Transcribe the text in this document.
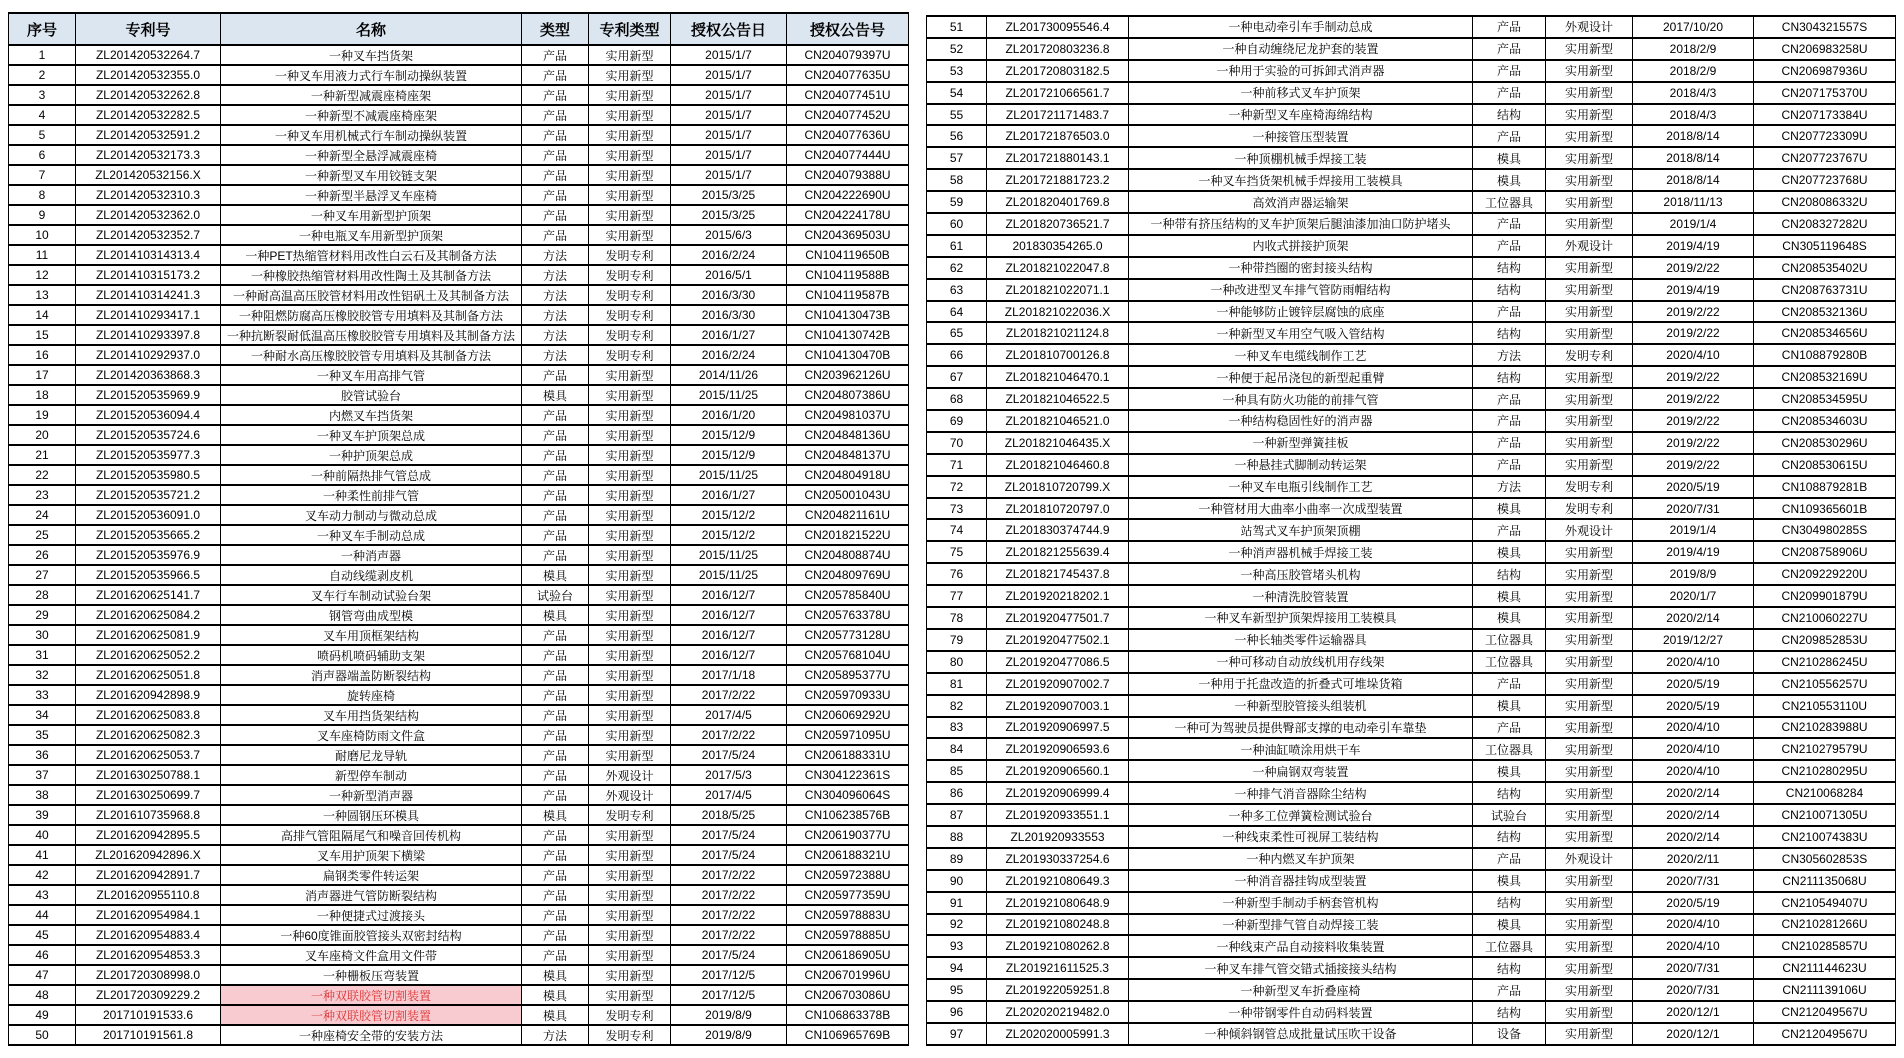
序号	专利号	名称	类型	专利类型	授权公告日	授权公告号
1	ZL201420532264.7	一种叉车挡货架	产品	实用新型	2015/1/7	CN204079397U
2	ZL201420532355.0	一种叉车用液力式行车制动操纵装置	产品	实用新型	2015/1/7	CN204077635U
3	ZL201420532262.8	一种新型减震座椅座架	产品	实用新型	2015/1/7	CN204077451U
4	ZL201420532282.5	一种新型不减震座椅座架	产品	实用新型	2015/1/7	CN204077452U
5	ZL201420532591.2	一种叉车用机械式行车制动操纵装置	产品	实用新型	2015/1/7	CN204077636U
6	ZL201420532173.3	一种新型全悬浮减震座椅	产品	实用新型	2015/1/7	CN204077444U
7	ZL201420532156.X	一种新型叉车用铰链支架	产品	实用新型	2015/1/7	CN204079388U
8	ZL201420532310.3	一种新型半悬浮叉车座椅	产品	实用新型	2015/3/25	CN204222690U
9	ZL201420532362.0	一种叉车用新型护顶架	产品	实用新型	2015/3/25	CN204224178U
10	ZL201420532352.7	一种电瓶叉车用新型护顶架	产品	实用新型	2015/6/3	CN204369503U
11	ZL201410314313.4	一种PET热缩管材料用改性白云石及其制备方法	方法	发明专利	2016/2/24	CN104119650B
12	ZL201410315173.2	一种橡胶热缩管材料用改性陶土及其制备方法	方法	发明专利	2016/5/1	CN104119588B
13	ZL201410314241.3	一种耐高温高压胶管材料用改性铝矾土及其制备方法	方法	发明专利	2016/3/30	CN104119587B
14	ZL201410293417.1	一种阻燃防腐高压橡胶胶管专用填料及其制备方法	方法	发明专利	2016/3/30	CN104130473B
15	ZL201410293397.8	一种抗断裂耐低温高压橡胶胶管专用填料及其制备方法	方法	发明专利	2016/1/27	CN104130742B
16	ZL201410292937.0	一种耐水高压橡胶胶管专用填料及其制备方法	方法	发明专利	2016/2/24	CN104130470B
17	ZL201420363868.3	一种叉车用高排气管	产品	实用新型	2014/11/26	CN203962126U
18	ZL201520535969.9	胶管试验台	模具	实用新型	2015/11/25	CN204807386U
19	ZL201520536094.4	内燃叉车挡货架	产品	实用新型	2016/1/20	CN204981037U
20	ZL201520535724.6	一种叉车护顶架总成	产品	实用新型	2015/12/9	CN204848136U
21	ZL201520535977.3	一种护顶架总成	产品	实用新型	2015/12/9	CN204848137U
22	ZL201520535980.5	一种前隔热排气管总成	产品	实用新型	2015/11/25	CN204804918U
23	ZL201520535721.2	一种柔性前排气管	产品	实用新型	2016/1/27	CN205001043U
24	ZL201520536091.0	叉车动力制动与微动总成	产品	实用新型	2015/12/2	CN204821161U
25	ZL201520535665.2	一种叉车手制动总成	产品	实用新型	2015/12/2	CN201821522U
26	ZL201520535976.9	一种消声器	产品	实用新型	2015/11/25	CN204808874U
27	ZL201520535966.5	自动线缆剥皮机	模具	实用新型	2015/11/25	CN204809769U
28	ZL201620625141.7	叉车行车制动试验台架	试验台	实用新型	2016/12/7	CN205785840U
29	ZL201620625084.2	钢管弯曲成型模	模具	实用新型	2016/12/7	CN205763378U
30	ZL201620625081.9	叉车用顶框架结构	产品	实用新型	2016/12/7	CN205773128U
31	ZL201620625052.2	喷码机喷码辅助支架	产品	实用新型	2016/12/7	CN205768104U
32	ZL201620625051.8	消声器端盖防断裂结构	产品	实用新型	2017/1/18	CN205895377U
33	ZL201620942898.9	旋转座椅	产品	实用新型	2017/2/22	CN205970933U
34	ZL201620625083.8	叉车用挡货架结构	产品	实用新型	2017/4/5	CN206069292U
35	ZL201620625082.3	叉车座椅防雨文件盒	产品	实用新型	2017/2/22	CN205971095U
36	ZL201620625053.7	耐磨尼龙导轨	产品	实用新型	2017/5/24	CN206188331U
37	ZL201630250788.1	新型停车制动	产品	外观设计	2017/5/3	CN304122361S
38	ZL201630250699.7	一种新型消声器	产品	外观设计	2017/4/5	CN304096064S
39	ZL201610735968.8	一种圆钢压环模具	模具	发明专利	2018/5/25	CN106238576B
40	ZL201620942895.5	高排气管阻隔尾气和噪音回传机构	产品	实用新型	2017/5/24	CN206190377U
41	ZL201620942896.X	叉车用护顶架下横梁	产品	实用新型	2017/5/24	CN206188321U
42	ZL201620942891.7	扁钢类零件转运架	产品	实用新型	2017/2/22	CN205972388U
43	ZL201620955110.8	消声器进气管防断裂结构	产品	实用新型	2017/2/22	CN205977359U
44	ZL201620954984.1	一种便捷式过渡接头	产品	实用新型	2017/2/22	CN205978883U
45	ZL201620954883.4	一种60度锥面胶管接头双密封结构	产品	实用新型	2017/2/22	CN205978885U
46	ZL201620954853.3	叉车座椅文件盒用文件带	产品	实用新型	2017/5/24	CN206186905U
47	ZL201720308998.0	一种栅板压弯装置	模具	实用新型	2017/12/5	CN206701996U
48	ZL201720309229.2	一种双联胶管切割装置	模具	实用新型	2017/12/5	CN206703086U
49	201710191533.6	一种双联胶管切割装置	模具	发明专利	2019/8/9	CN106863378B
50	201710191561.8	一种座椅安全带的安装方法	方法	发明专利	2019/8/9	CN106965769B
51	ZL201730095546.4	一种电动牵引车手制动总成	产品	外观设计	2017/10/20	CN304321557S
52	ZL201720803236.8	一种自动缠绕尼龙护套的装置	产品	实用新型	2018/2/9	CN206983258U
53	ZL201720803182.5	一种用于实验的可拆卸式消声器	产品	实用新型	2018/2/9	CN206987936U
54	ZL201721066561.7	一种前移式叉车护顶架	产品	实用新型	2018/4/3	CN207175370U
55	ZL201721171483.7	一种新型叉车座椅海绵结构	结构	实用新型	2018/4/3	CN207173384U
56	ZL201721876503.0	一种接管压型装置	产品	实用新型	2018/8/14	CN207723309U
57	ZL201721880143.1	一种顶棚机械手焊接工装	模具	实用新型	2018/8/14	CN207723767U
58	ZL201721881723.2	一种叉车挡货架机械手焊接用工装模具	模具	实用新型	2018/8/14	CN207723768U
59	ZL201820401769.8	高效消声器运输架	工位器具	实用新型	2018/11/13	CN208086332U
60	ZL201820736521.7	一种带有挤压结构的叉车护顶架后腿油漆加油口防护堵头	产品	实用新型	2019/1/4	CN208327282U
61	201830354265.0	内收式拼接护顶架	产品	外观设计	2019/4/19	CN305119648S
62	ZL201821022047.8	一种带挡圈的密封接头结构	结构	实用新型	2019/2/22	CN208535402U
63	ZL201821022071.1	一种改进型叉车排气管防雨帽结构	结构	实用新型	2019/4/19	CN208763731U
64	ZL201821022036.X	一种能够防止镀锌层腐蚀的底座	产品	实用新型	2019/2/22	CN208532136U
65	ZL201821021124.8	一种新型叉车用空气吸入管结构	结构	实用新型	2019/2/22	CN208534656U
66	ZL201810700126.8	一种叉车电缆线制作工艺	方法	发明专利	2020/4/10	CN108879280B
67	ZL201821046470.1	一种便于起吊浇包的新型起重臂	结构	实用新型	2019/2/22	CN208532169U
68	ZL201821046522.5	一种具有防火功能的前排气管	产品	实用新型	2019/2/22	CN208534595U
69	ZL201821046521.0	一种结构稳固性好的消声器	产品	实用新型	2019/2/22	CN208534603U
70	ZL201821046435.X	一种新型弹簧挂板	产品	实用新型	2019/2/22	CN208530296U
71	ZL201821046460.8	一种悬挂式脚制动转运架	产品	实用新型	2019/2/22	CN208530615U
72	ZL201810720799.X	一种叉车电瓶引线制作工艺	方法	发明专利	2020/5/19	CN108879281B
73	ZL201810720797.0	一种管材用大曲率小曲率一次成型装置	模具	发明专利	2020/7/31	CN109365601B
74	ZL201830374744.9	站驾式叉车护顶架顶棚	产品	外观设计	2019/1/4	CN304980285S
75	ZL201821255639.4	一种消声器机械手焊接工装	模具	实用新型	2019/4/19	CN208758906U
76	ZL201821745437.8	一种高压胶管堵头机构	结构	实用新型	2019/8/9	CN209229220U
77	ZL201920218202.1	一种清洗胶管装置	模具	实用新型	2020/1/7	CN209901879U
78	ZL201920477501.7	一种叉车新型护顶架焊接用工装模具	模具	实用新型	2020/2/14	CN210060227U
79	ZL201920477502.1	一种长轴类零件运输器具	工位器具	实用新型	2019/12/27	CN209852853U
80	ZL201920477086.5	一种可移动自动放线机用存线架	工位器具	实用新型	2020/4/10	CN210286245U
81	ZL201920907002.7	一种用于托盘改造的折叠式可堆垛货箱	产品	实用新型	2020/5/19	CN210556257U
82	ZL201920907003.1	一种新型胶管接头组装机	模具	实用新型	2020/5/19	CN210553110U
83	ZL201920906997.5	一种可为驾驶员提供臀部支撑的电动牵引车靠垫	产品	实用新型	2020/4/10	CN210283988U
84	ZL201920906593.6	一种油缸喷涂用烘干车	工位器具	实用新型	2020/4/10	CN210279579U
85	ZL201920906560.1	一种扁钢双弯装置	模具	实用新型	2020/4/10	CN210280295U
86	ZL201920906999.4	一种排气消音器除尘结构	结构	实用新型	2020/2/14	CN210068284
87	ZL201920933551.1	一种多工位弹簧检测试验台	试验台	实用新型	2020/2/14	CN210071305U
88	ZL201920933553	一种线束柔性可视屏工装结构	结构	实用新型	2020/2/14	CN210074383U
89	ZL201930337254.6	一种内燃叉车护顶架	产品	外观设计	2020/2/11	CN305602853S
90	ZL201921080649.3	一种消音器挂钩成型装置	模具	实用新型	2020/7/31	CN211135068U
91	ZL201921080648.9	一种新型手制动手柄套管机构	结构	实用新型	2020/5/19	CN210549407U
92	ZL201921080248.8	一种新型排气管自动焊接工装	模具	实用新型	2020/4/10	CN210281266U
93	ZL201921080262.8	一种线束产品自动接料收集装置	工位器具	实用新型	2020/4/10	CN210285857U
94	ZL201921611525.3	一种叉车排气管交错式插接接头结构	结构	实用新型	2020/7/31	CN211144623U
95	ZL201922059251.8	一种新型叉车折叠座椅	产品	实用新型	2020/7/31	CN211139106U
96	ZL202020219482.0	一种带钢零件自动码料装置	结构	实用新型	2020/12/1	CN212049567U
97	ZL202020005991.3	一种倾斜钢管总成批量试压吹干设备	设备	实用新型	2020/12/1	CN212049567U
